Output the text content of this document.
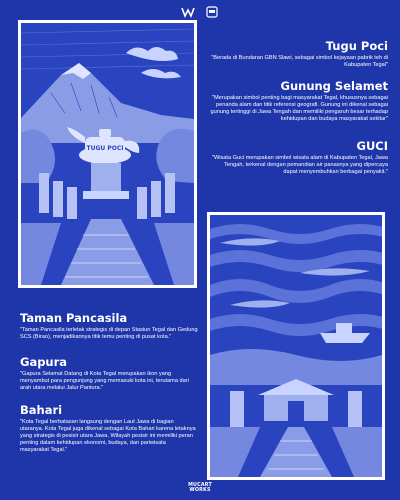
TUGU POCI
Tugu Poci

"Berada di Bundaran GBN Slawi, sebagai simbol kejayaan pabrik teh di Kabupaten Tegal"

Gunung Selamet

"Merupakan simbol penting bagi masyarakat Tegal, khususnya sebagai penanda alam dan titik referensi geografi. Gunung ini dikenal sebagai gunung tertinggi di Jawa Tengah dan memiliki pengaruh besar terhadap kehidupan dan budaya masyarakat sekitar"

GUCI

"Wisata Guci merupakan simbol wisata alam di Kabupaten Tegal, Jawa Tengah, terkenal dengan pemandian air panasnya yang dipercaya dapat menyembuhkan berbagai penyakit."

Taman Pancasila

"Taman Pancasila terletak strategis di depan Stasiun Tegal dan Gedung SCS (Birao), menjadikannya titik temu penting di pusat kota."

Gapura

"Gapura Selamat Datang di Kota Tegal merupakan ikon yang menyambut para pengunjung yang memasuki kota ini, terutama dari arah utara melalui Jalur Pantura."

Bahari

"Kota Tegal berbatasan langsung dengan Laut Jawa di bagian utaranya. Kota Tegal juga dikenal sebagai Kota Bahari karena letaknya yang strategis di pesisir utara Jawa. Wilayah pesisir ini memiliki peran penting dalam kehidupan ekonomi, budaya, dan pariwisata masyarakat Tegal."

MUCART
WORKS
